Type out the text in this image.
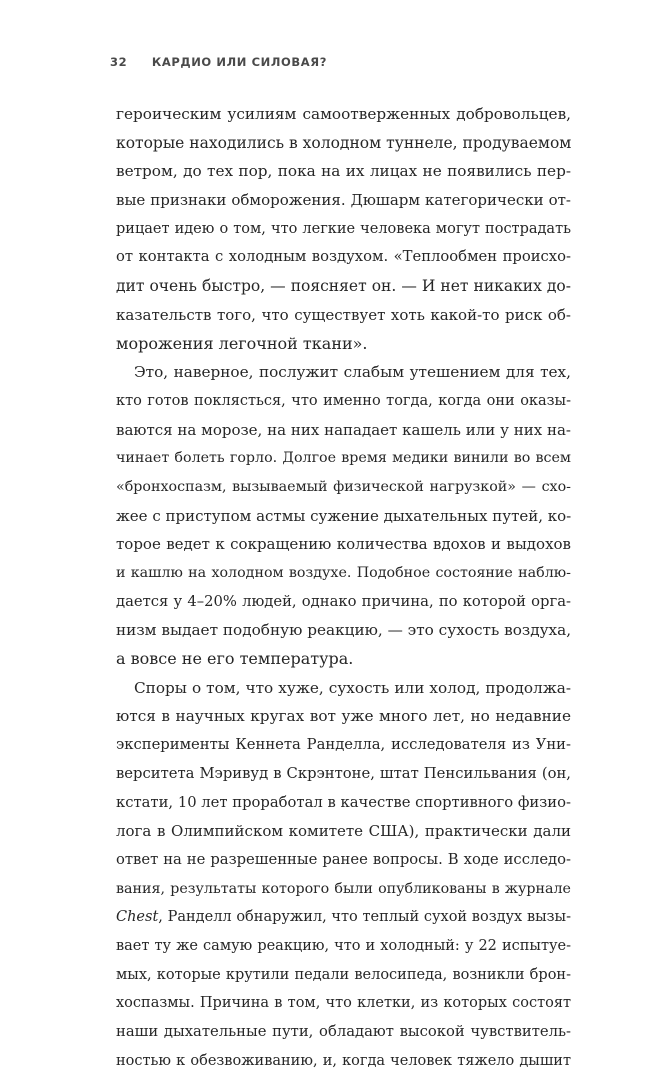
32 КАРДИО ИЛИ СИЛОВАЯ?
героическим усилиям самоотверженных добровольцев,
которые находились в холодном туннеле, продуваемом
ветром, до тех пор, пока на их лицах не появились пер-
вые признаки обморожения. Дюшарм категорически от-
рицает идею о том, что легкие человека могут пострадать
от контакта с холодным воздухом. «Теплообмен происхо-
дит очень быстро, — поясняет он. — И нет никаких до-
казательств того, что существует хоть какой-то риск об-
морожения легочной ткани».
Это, наверное, послужит слабым утешением для тех,
кто готов поклясться, что именно тогда, когда они оказы-
ваются на морозе, на них нападает кашель или у них на-
чинает болеть горло. Долгое время медики винили во всем
«бронхоспазм, вызываемый физической нагрузкой» — схо-
жее с приступом астмы сужение дыхательных путей, ко-
торое ведет к сокращению количества вдохов и выдохов
и кашлю на холодном воздухе. Подобное состояние наблю-
дается у 4–20% людей, однако причина, по которой орга-
низм выдает подобную реакцию, — это сухость воздуха,
а вовсе не его температура.
Споры о том, что хуже, сухость или холод, продолжа-
ются в научных кругах вот уже много лет, но недавние
эксперименты Кеннета Ранделла, исследователя из Уни-
верситета Мэривуд в Скрэнтоне, штат Пенсильвания (он,
кстати, 10 лет проработал в качестве спортивного физио-
лога в Олимпийском комитете США), практически дали
ответ на не разрешенные ранее вопросы. В ходе исследо-
вания, результаты которого были опубликованы в журнале
Chest, Ранделл обнаружил, что теплый сухой воздух вызы-
вает ту же самую реакцию, что и холодный: у 22 испытуе-
мых, которые крутили педали велосипеда, возникли брон-
хоспазмы. Причина в том, что клетки, из которых состоят
наши дыхательные пути, обладают высокой чувствитель-
ностью к обезвоживанию, и, когда человек тяжело дышит
